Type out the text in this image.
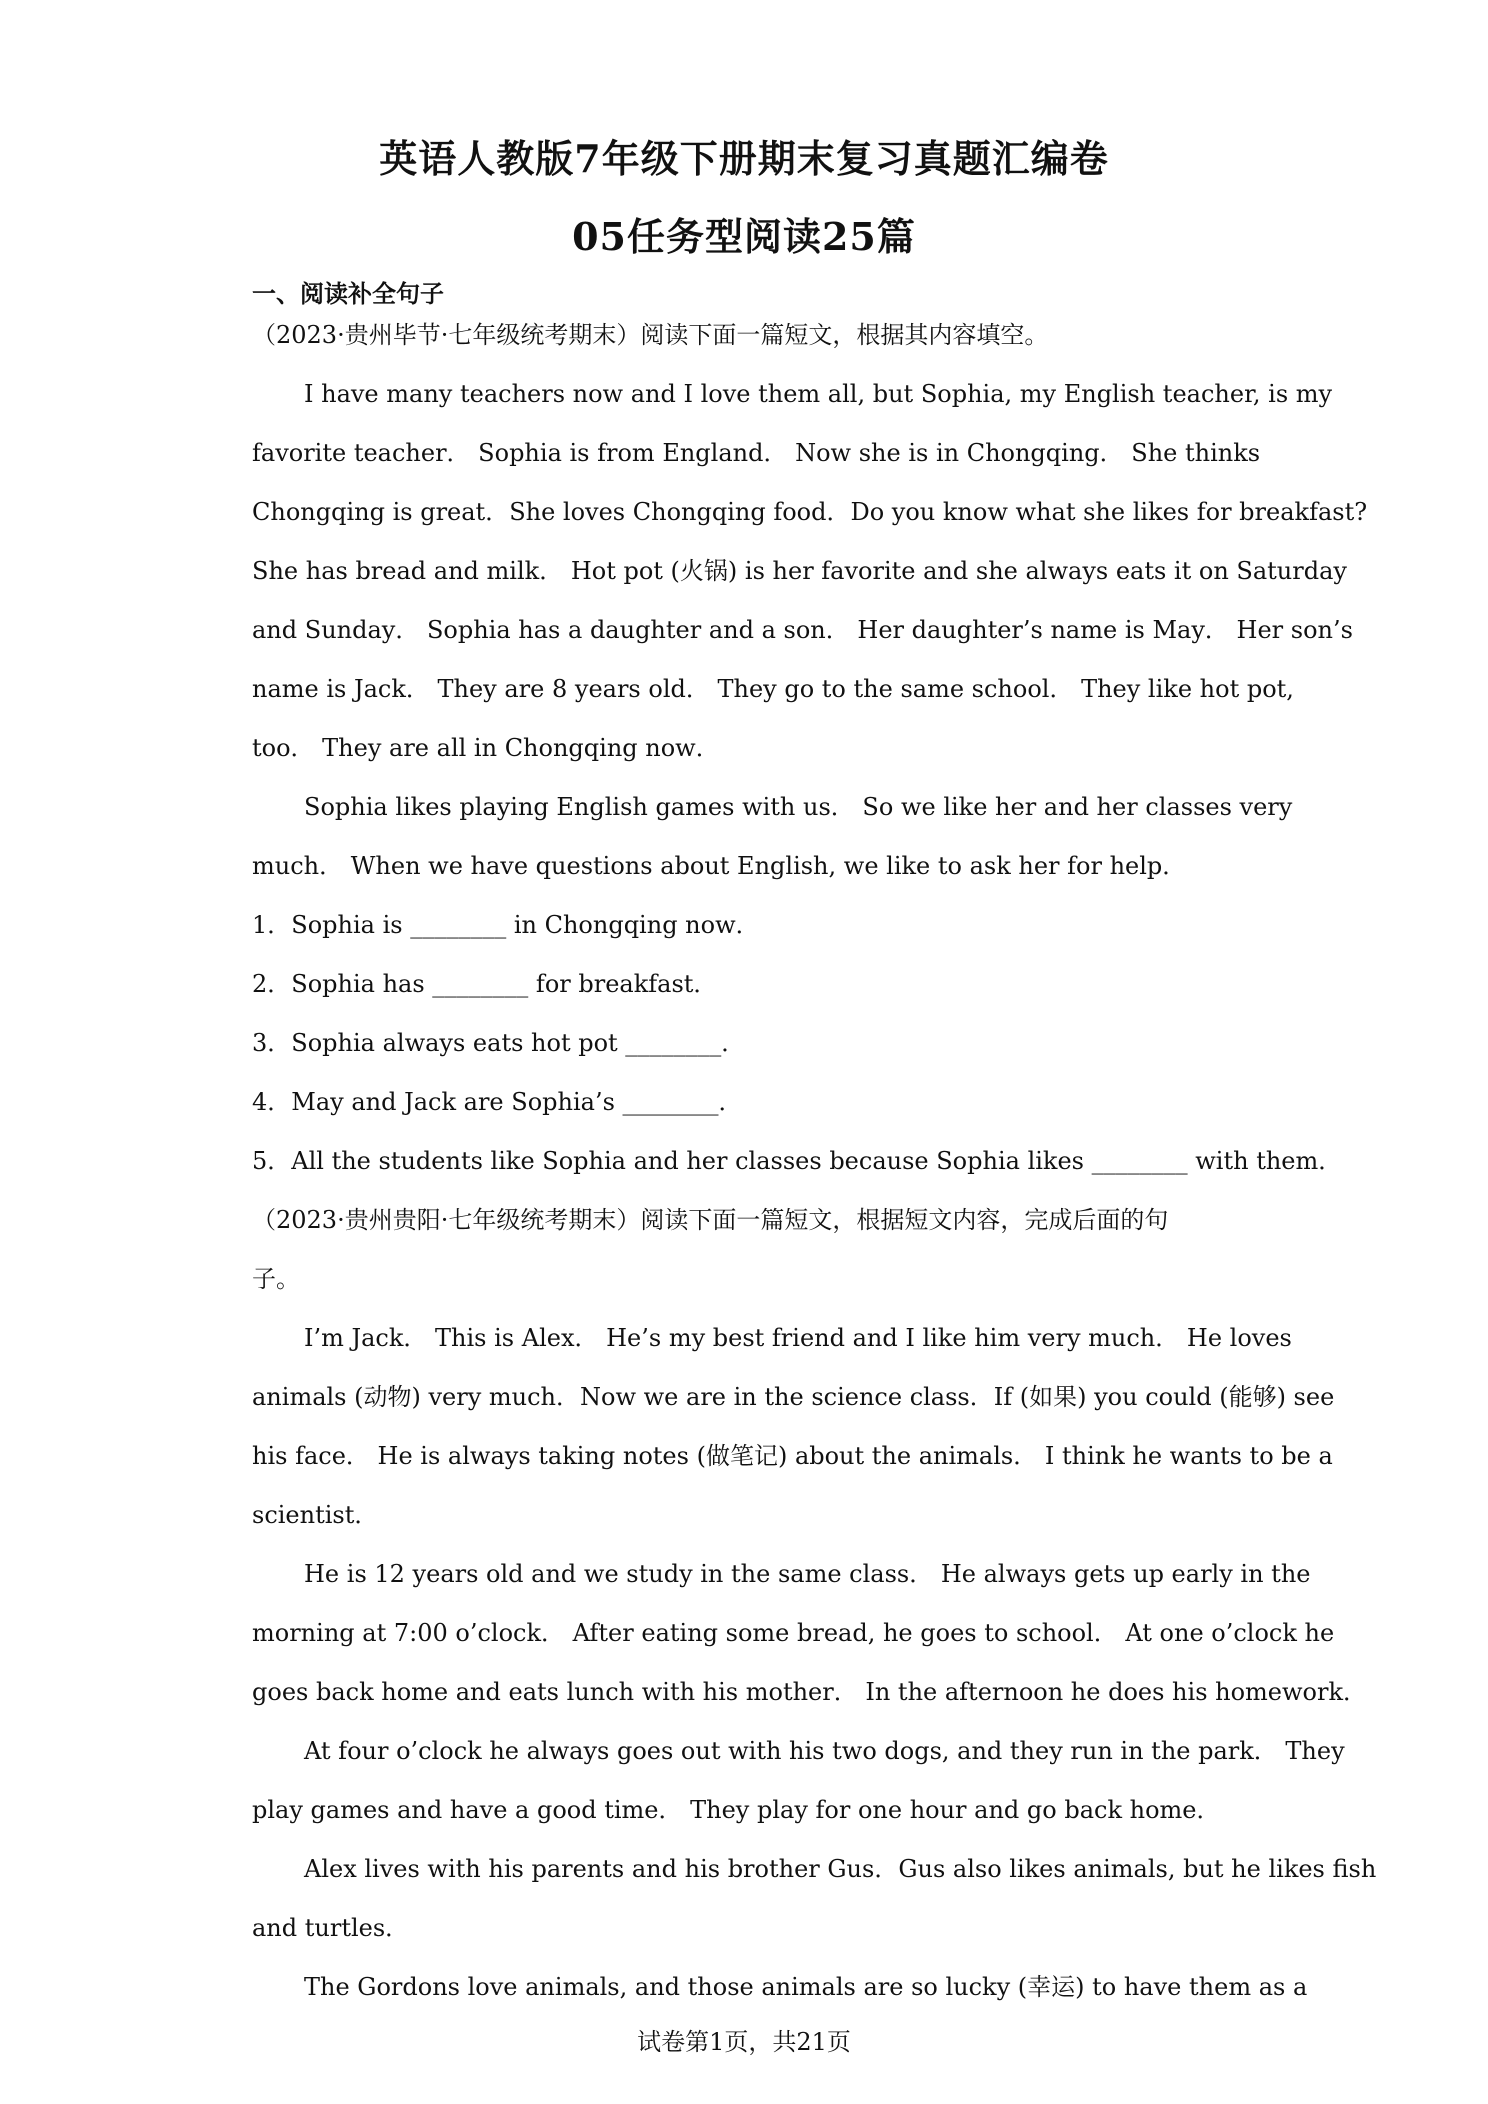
英语人教版7年级下册期末复习真题汇编卷
05任务型阅读25篇
一、阅读补全句子
（2023·贵州毕节·七年级统考期末）阅读下面一篇短文，根据其内容填空。
I have many teachers now and I love them all, but Sophia, my English teacher, is my
favorite teacher． Sophia is from England． Now she is in Chongqing． She thinks
Chongqing is great．She loves Chongqing food．Do you know what she likes for breakfast?
She has bread and milk． Hot pot (火锅) is her favorite and she always eats it on Saturday
and Sunday． Sophia has a daughter and a son． Her daughter’s name is May． Her son’s
name is Jack． They are 8 years old． They go to the same school． They like hot pot,
too． They are all in Chongqing now．
Sophia likes playing English games with us． So we like her and her classes very
much． When we have questions about English, we like to ask her for help．
1．Sophia is ________ in Chongqing now．
2．Sophia has ________ for breakfast．
3．Sophia always eats hot pot ________．
4．May and Jack are Sophia’s ________．
5．All the students like Sophia and her classes because Sophia likes ________ with them．
（2023·贵州贵阳·七年级统考期末）阅读下面一篇短文，根据短文内容，完成后面的句
子。
I’m Jack． This is Alex． He’s my best friend and I like him very much． He loves
animals (动物) very much．Now we are in the science class．If (如果) you could (能够) see
his face． He is always taking notes (做笔记) about the animals． I think he wants to be a
scientist．
He is 12 years old and we study in the same class． He always gets up early in the
morning at 7:00 o’clock． After eating some bread, he goes to school． At one o’clock he
goes back home and eats lunch with his mother． In the afternoon he does his homework．
At four o’clock he always goes out with his two dogs, and they run in the park． They
play games and have a good time． They play for one hour and go back home．
Alex lives with his parents and his brother Gus．Gus also likes animals, but he likes fish
and turtles．
The Gordons love animals, and those animals are so lucky (幸运) to have them as a
试卷第1页，共21页
